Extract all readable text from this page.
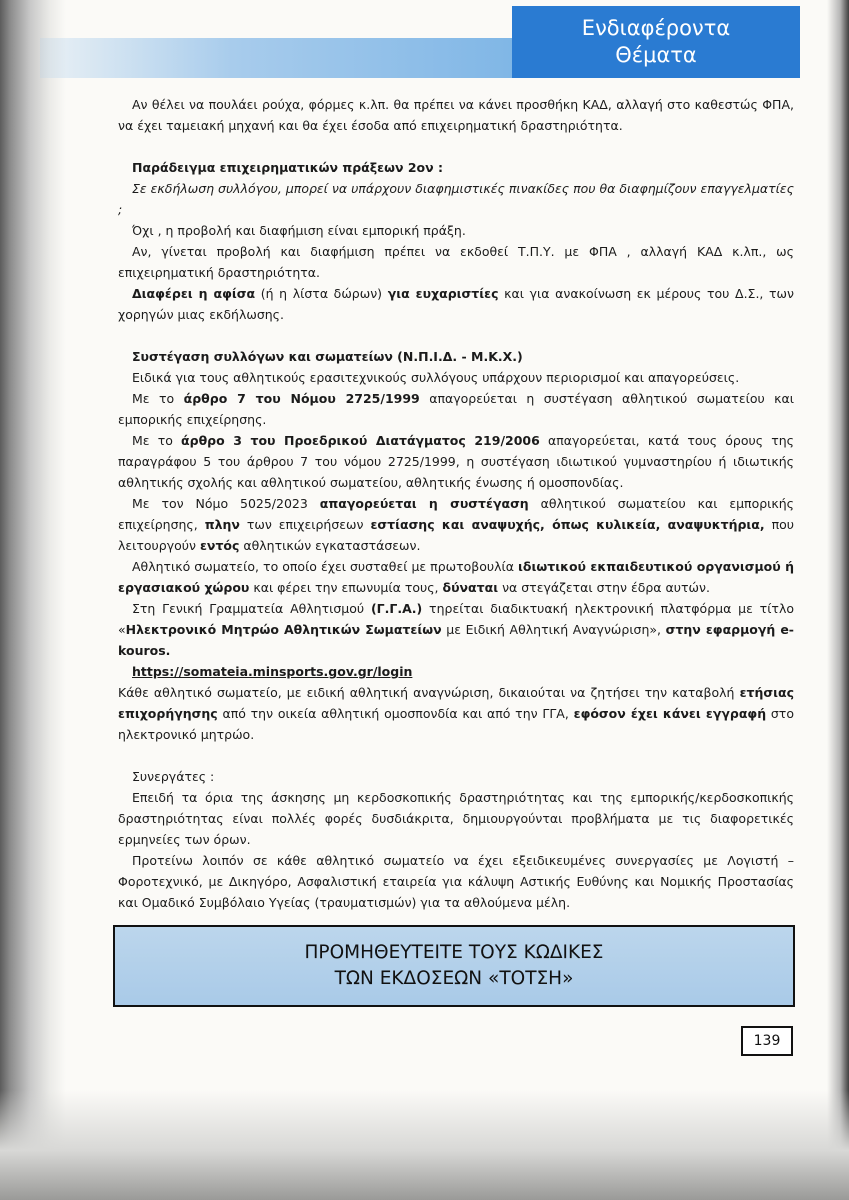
Ενδιαφέροντα
Θέματα

Αν θέλει να πουλάει ρούχα, φόρμες κ.λπ. θα πρέπει να κάνει προσθήκη ΚΑΔ, αλλαγή στο καθεστώς ΦΠΑ, να έχει ταμειακή μηχανή και θα έχει έσοδα από επιχειρηματική δραστηριότητα.

Παράδειγμα επιχειρηματικών πράξεων 2ον :

Σε εκδήλωση συλλόγου, μπορεί να υπάρχουν διαφημιστικές πινακίδες που θα διαφημίζουν επαγγελματίες ;

Όχι , η προβολή και διαφήμιση είναι εμπορική πράξη.

Αν, γίνεται προβολή και διαφήμιση πρέπει να εκδοθεί Τ.Π.Υ. με ΦΠΑ , αλλαγή ΚΑΔ κ.λπ., ως επιχειρηματική δραστηριότητα.

Διαφέρει η αφίσα (ή η λίστα δώρων) για ευχαριστίες και για ανακοίνωση εκ μέρους του Δ.Σ., των χορηγών μιας εκδήλωσης.

Συστέγαση συλλόγων και σωματείων (Ν.Π.Ι.Δ. - Μ.Κ.Χ.)

Ειδικά για τους αθλητικούς ερασιτεχνικούς συλλόγους υπάρχουν περιορισμοί και απαγορεύσεις.

Με το άρθρο 7 του Νόμου 2725/1999 απαγορεύεται η συστέγαση αθλητικού σωματείου και εμπορικής επιχείρησης.

Με το άρθρο 3 του Προεδρικού Διατάγματος 219/2006 απαγορεύεται, κατά τους όρους της παραγράφου 5 του άρθρου 7 του νόμου 2725/1999, η συστέγαση ιδιωτικού γυμναστηρίου ή ιδιωτικής αθλητικής σχολής και αθλητικού σωματείου, αθλητικής ένωσης ή ομοσπονδίας.

Με τον Νόμο 5025/2023 απαγορεύεται η συστέγαση αθλητικού σωματείου και εμπορικής επιχείρησης, πλην των επιχειρήσεων εστίασης και αναψυχής, όπως κυλικεία, αναψυκτήρια, που λειτουργούν εντός αθλητικών εγκαταστάσεων.

Αθλητικό σωματείο, το οποίο έχει συσταθεί με πρωτοβουλία ιδιωτικού εκπαιδευτικού οργανισμού ή εργασιακού χώρου και φέρει την επωνυμία τους, δύναται να στεγάζεται στην έδρα αυτών.

Στη Γενική Γραμματεία Αθλητισμού (Γ.Γ.Α.) τηρείται διαδικτυακή ηλεκτρονική πλατφόρμα με τίτλο «Ηλεκτρονικό Μητρώο Αθλητικών Σωματείων με Ειδική Αθλητική Αναγνώριση», στην εφαρμογή e-kouros.

https://somateia.minsports.gov.gr/login

Κάθε αθλητικό σωματείο, με ειδική αθλητική αναγνώριση, δικαιούται να ζητήσει την καταβολή ετήσιας επιχορήγησης από την οικεία αθλητική ομοσπονδία και από την ΓΓΑ, εφόσον έχει κάνει εγγραφή στο ηλεκτρονικό μητρώο.

Συνεργάτες :

Επειδή τα όρια της άσκησης μη κερδοσκοπικής δραστηριότητας και της εμπορικής/κερδοσκοπικής δραστηριότητας είναι πολλές φορές δυσδιάκριτα, δημιουργούνται προβλήματα με τις διαφορετικές ερμηνείες των όρων.

Προτείνω λοιπόν σε κάθε αθλητικό σωματείο να έχει εξειδικευμένες συνεργασίες με Λογιστή –Φοροτεχνικό, με Δικηγόρο, Ασφαλιστική εταιρεία για κάλυψη Αστικής Ευθύνης και Νομικής Προστασίας και Ομαδικό Συμβόλαιο Υγείας (τραυματισμών) για τα αθλούμενα μέλη.

ΠΡΟΜΗΘΕΥΤΕΙΤΕ ΤΟΥΣ ΚΩΔΙΚΕΣ
ΤΩΝ ΕΚΔΟΣΕΩΝ «ΤΟΤΣΗ»
139
